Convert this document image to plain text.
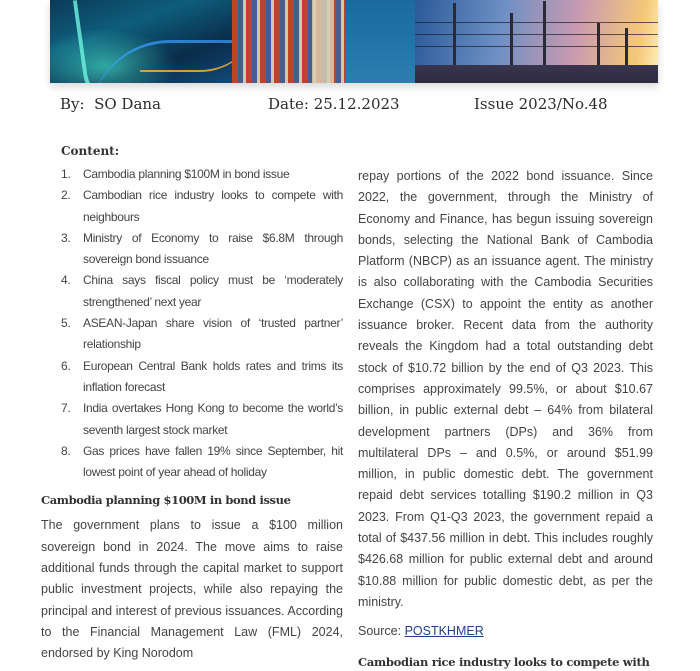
By:  SO Dana	Date: 25.12.2023	Issue 2023/No.48
Content:
1. Cambodia planning $100M in bond issue
2. Cambodian rice industry looks to compete with neighbours
3. Ministry of Economy to raise $6.8M through sovereign bond issuance
4. China says fiscal policy must be ‘moderately strengthened’ next year
5. ASEAN-Japan share vision of ‘trusted partner’ relationship
6. European Central Bank holds rates and trims its inflation forecast
7. India overtakes Hong Kong to become the world’s seventh largest stock market
8. Gas prices have fallen 19% since September, hit lowest point of year ahead of holiday
Cambodia planning $100M in bond issue

The government plans to issue a $100 million sovereign bond in 2024. The move aims to raise additional funds through the capital market to support public investment projects, while also repaying the principal and interest of previous issuances. According to the Financial Management Law (FML) 2024, endorsed by King Norodom

repay portions of the 2022 bond issuance. Since 2022, the government, through the Ministry of Economy and Finance, has begun issuing sovereign bonds, selecting the National Bank of Cambodia Platform (NBCP) as an issuance agent. The ministry is also collaborating with the Cambodia Securities Exchange (CSX) to appoint the entity as another issuance broker. Recent data from the authority reveals the Kingdom had a total outstanding debt stock of $10.72 billion by the end of Q3 2023. This comprises approximately 99.5%, or about $10.67 billion, in public external debt – 64% from bilateral development partners (DPs) and 36% from multilateral DPs – and 0.5%, or around $51.99 million, in public domestic debt. The government repaid debt services totalling $190.2 million in Q3 2023. From Q1-Q3 2023, the government repaid a total of $437.56 million in debt. This includes roughly $426.68 million for public external debt and around $10.88 million for public domestic debt, as per the ministry.

Source: POSTKHMER
Cambodian rice industry looks to compete with
